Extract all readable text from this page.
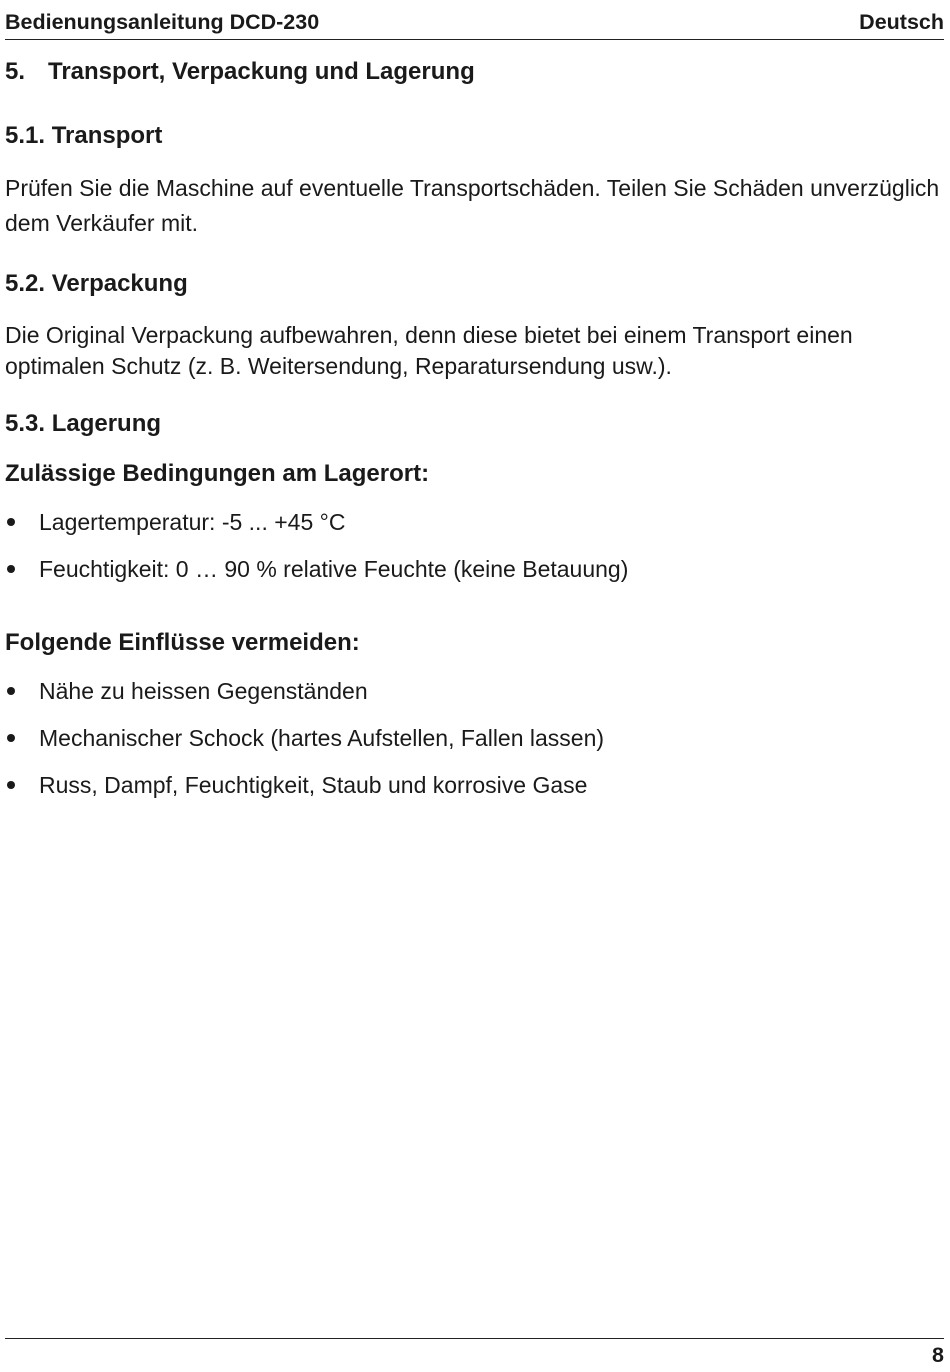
Bedienungsanleitung DCD-230	Deutsch
5. Transport, Verpackung und Lagerung
5.1. Transport
Prüfen Sie die Maschine auf eventuelle Transportschäden. Teilen Sie Schäden unverzüglich dem Verkäufer mit.
5.2. Verpackung
Die Original Verpackung aufbewahren, denn diese bietet bei einem Transport einen optimalen Schutz (z. B. Weitersendung, Reparatursendung usw.).
5.3. Lagerung
Zulässige Bedingungen am Lagerort:
Lagertemperatur: -5 ... +45 °C
Feuchtigkeit: 0 … 90 % relative Feuchte (keine Betauung)
Folgende Einflüsse vermeiden:
Nähe zu heissen Gegenständen
Mechanischer Schock (hartes Aufstellen, Fallen lassen)
Russ, Dampf, Feuchtigkeit, Staub und korrosive Gase
8
